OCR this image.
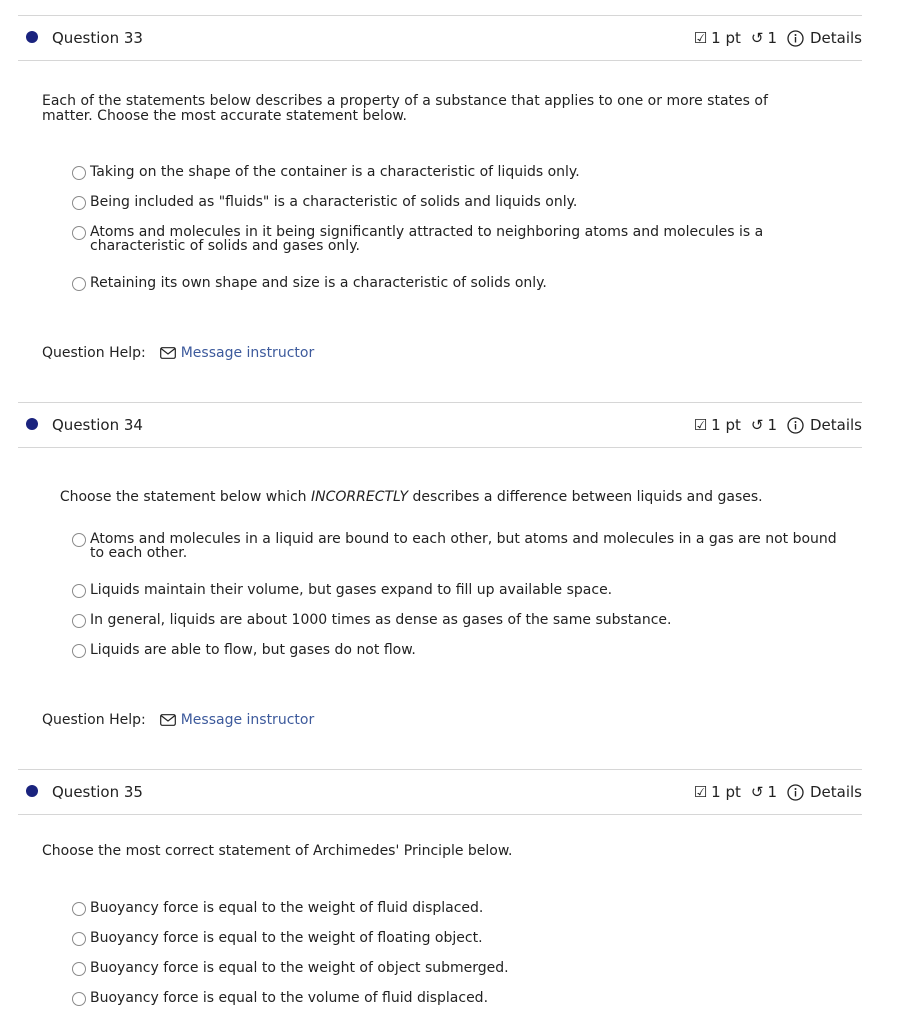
Question 33	☑ 1 pt ↺ 1 Details
Each of the statements below describes a property of a substance that applies to one or more states of
matter. Choose the most accurate statement below.
Taking on the shape of the container is a characteristic of liquids only.
Being included as "fluids" is a characteristic of solids and liquids only.
Atoms and molecules in it being significantly attracted to neighboring atoms and molecules is a characteristic of solids and gases only.
Retaining its own shape and size is a characteristic of solids only.
Question Help:	Message instructor
Question 34	☑ 1 pt ↺ 1 Details

Choose the statement below which INCORRECTLY describes a difference between liquids and gases.

Atoms and molecules in a liquid are bound to each other, but atoms and molecules in a gas are not bound to each other.
Liquids maintain their volume, but gases expand to fill up available space.
In general, liquids are about 1000 times as dense as gases of the same substance.
Liquids are able to flow, but gases do not flow.
Question Help:	Message instructor
Question 35	☑ 1 pt ↺ 1 Details
Choose the most correct statement of Archimedes' Principle below.
Buoyancy force is equal to the weight of fluid displaced.
Buoyancy force is equal to the weight of floating object.
Buoyancy force is equal to the weight of object submerged.
Buoyancy force is equal to the volume of fluid displaced.
